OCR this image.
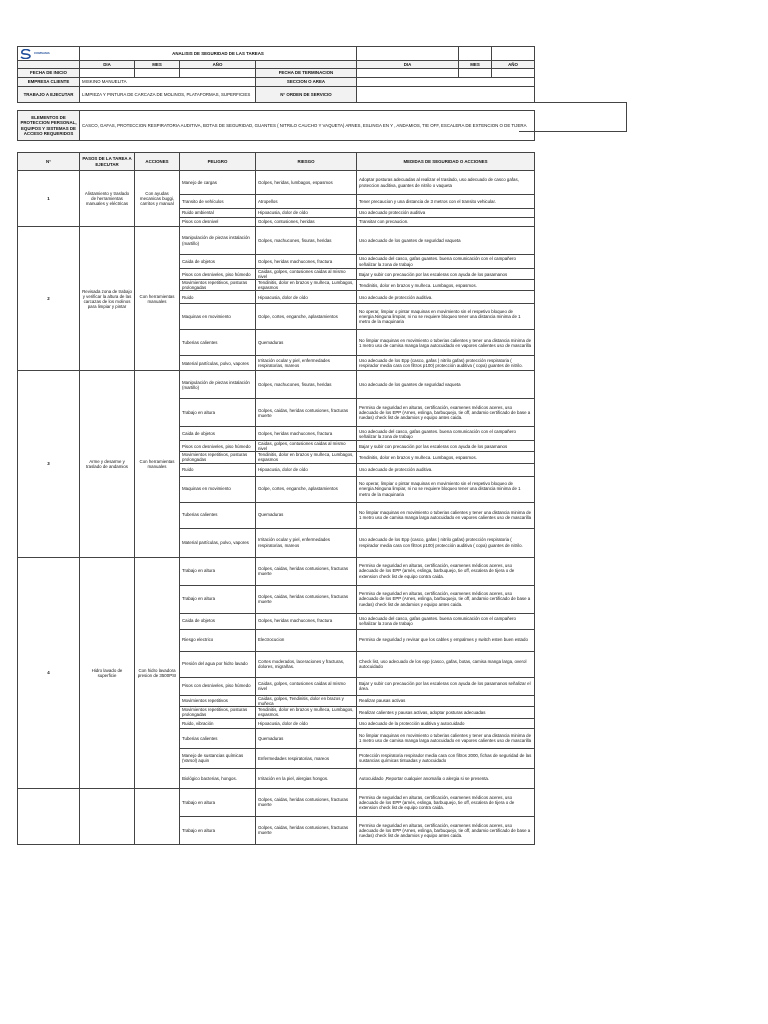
COMSAMA	ANALISIS DE SEGURIDAD DE LAS TAREAS						
	DIA	MES	AÑO		DIA	MES	AÑO
FECHA DE INICIO				FECHA DE TERMINACION			
EMPRESA CLIENTE	MISKINO MANUELITA			SECCION O AREA			
TRABAJO A EJECUTAR	LIMPIEZA Y PINTURA DE CARCAZA DE MOLINOS, PLATAFORMAS, SUPERFICIES			N° ORDEN DE SERVICIO			

ELEMENTOS DE PROTECCION PERSONAL, EQUIPOS Y SISTEMAS DE ACCESO REQUERIDOS	CASCO, GAFAS, PROTECCION RESPIRATORIA AUDITIVA, BOTAS DE SEGURIDAD, GUANTES ( NITRILO CAUCHO Y VAQUETA) ARNES, ESLINGA EN Y , ANDAMIOS, TIE OFF, ESCALERA DE EXTENCION O DE TIJERA						

N°	PASOS DE LA TAREA A EJECUTAR	ACCIONES	PELIGRO	RIESGO	MEDIDAS DE SEGURIDAD O ACCIONES		
1	Alistamiento y traslado de herramientas manuales y eléctricas	Con ayudas mecanicas buggi, carritos y manual	Manejo de cargas	Golpes, heridas, lumbagos, espasmos	Adoptar posturas adecuadas al realizar el traslado, uso adecuado de casco gafas, proteccion auditiva, guantes de nitrilo o vaqueta		
			Transito de vehículos	Atropellos	Tener precaucion y una distancia de 3 metros con el transito vehicular.		
			Ruido ambiental	Hipoacusia, dolor de oído	Uso adecuado protección auditiva		
			Pisos con desnivel	Golpes, contusiones, heridas	Transitar con precaucion.		
2	Revisada zona de trabajo y verificar la altura de las carcazas de los molinos para limpiar y pintar	Con herramientas manuales	Manipulación de piezas instalación (martillo)	Golpes, machucones, fisuras, heridas	Uso adecuado de los guantes de seguridad vaqueta		
			Caida de objetos	Golpes, heridas machucones, fractura	Uso adecuado del casco, gafas guantes. buena comunicación con el campañero señalizar la zona de trabajo		
			Pisos con desniveles, piso húmedo	Caidas, golpes, contusiones caidas al mismo nivel	Bajar y subir con precaución por las escaleras con ayuda de los pasamanos		
			Movimientos repetitivos, posturas prolongadas	Tendinitis, dolor en brazos y muñeca, Lumbagos, espasmos	Tendinitis, dolor en brazos y muñeca. Lumbagos, espasmos.		
			Ruido	Hipoacusia, dolor de oído	Uso adecuado de protección auditiva.		
			Maquinas en movimiento	Golpe, cortes, enganche, aplastamientos	No operar, limpiar o pintar maquinas en movimiento sin el respetivo bloqueo de energia.Ninguna limpiar, ni no se requiere bloqueo tener una distancia minima de 1 metro de la maquinaria		
			Tuberias calientes	Quemaduras	No limpiar maquinas en movimiento o tuberias calientes y tener una distancia minima de 1 metro uso de camisa manga larga autocuidado en vapores calientes uso de mascarilla		
			Material partículas, polvo, vapores	Irritación ocular y piel, enfermedades respiratorias, mareos	Uso adecuado de los Epp (casco, gafas ) nitrilo gafas) protección respiratoria ( respirador media cara con filtros p100) protección auditiva ( copa) guantes de nitrilo.		
3	Arme y desarme y traslado de andamios	Con herramientas manuales	Manipulación de piezas instalación (martillo)	Golpes, machucones, fisuras, heridas	Uso adecuado de los guantes de seguridad vaqueta		
			Trabajo en altura	Golpes, caidas, heridas contusiones, fracturas muerte	Permiso de seguridad en alturas, certificación, examenes médicos aceres, uso adecuado de los EPP (Arnes, eslinga, barbuquejo, tie off, andamio certificado de base a ruedas) check list de andamios y equipo antes caida.		
			Caida de objetos	Golpes, heridas machucones, fractura	Uso adecuado del casco, gafas guantes. buena comunicación con el campañero señalizar la zona de trabajo		
			Pisos con desniveles, piso húmedo	Caidas, golpes, contusiones caidas al mismo nivel	Bajar y subir con precaución por las escaleras con ayuda de los pasamanos		
			Movimientos repetitivos, posturas prolongadas	Tendinitis, dolor en brazos y muñeca, Lumbagos, espasmos	Tendinitis, dolor en brazos y muñeca. Lumbagos, espasmos.		
			Ruido	Hipoacusia, dolor de oído	Uso adecuado de protección auditiva.		
			Maquinas en movimiento	Golpe, cortes, enganche, aplastamientos	No operar, limpiar o pintar maquinas en movimiento sin el respetivo bloqueo de energia.Ninguna limpiar, ni no se requiere bloqueo tener una distancia minima de 1 metro de la maquinaria		
			Tuberias calientes	Quemaduras	No limpiar maquinas en movimiento o tuberias calientes y tener una distancia minima de 1 metro uso de camisa manga larga autocuidado en vapores calientes uso de mascarilla		
			Material partículas, polvo, vapores	Irritación ocular y piel, enfermedades respiratorias, mareos	Uso adecuado de los Epp (casco, gafas ) nitrilo gafas) protección respiratoria ( respirador media cara con filtros p100) protección auditiva ( copa) guantes de nitrilo.		
4	Hidro lavado de superficie	Con hidro lavadora presion de 3500PSI	Trabajo en altura	Golpes, caidas, heridas contusiones, fracturas muerte	Permiso de seguridad en alturas, certificación, examenes médicos aceres, uso adecuado de los EPP (arnés, eslinga, barbuquejo, tie off, escalera de tijera o de extension check list de equipo contra caida.		
			Trabajo en altura	Golpes, caidas, heridas contusiones, fracturas muerte	Permiso de seguridad en alturas, certificación, examenes médicos aceres, uso adecuado de los EPP (Arnes, eslinga, barbuquejo, tie off, andamio certificado de base a ruedas) check list de andamios y equipo antes caida.		
			Caida de objetos	Golpes, heridas machucones, fractura	Uso adecuado del casco, gafas guantes. buena comunicación con el campañero señalizar la zona de trabajo		
			Riesgo electrico	Electrocucion	Permiso de seguridad y revisar que los cables y empalmes y switch esten buen estado		
			Presión del agua por hidro lavado	Cortes moderados, laceraciones y fracturas, dolores, migrañas.	Check list, uso adecuado de los epp (casco, gafas, botas, camisa manga larga, overol autocuidado		
			Pisos con desniveles, piso húmedo	Caidas, golpes, contusiones caidas al mismo nivel	Bajar y subir con precaución por las escaleras con ayuda de los pasamanos señalizar el área.		
			Movimientos repetitivos	Caidas, golpes, Tendinitis, dolor en brazos y muñeca	Realizar pausas activas		
			Movimientos repetitivos, posturas prolongadas	Tendinitis, dolor en brazos y muñeca, Lumbagos, espasmos.	Realizar calientes y pausas activas, adoptar posturas adecuadas		
			Ruido, vibración	Hipoacusia, dolor de oído	Uso adecuado de la protección auditiva y autocuidado		
			Tuberias calientes	Quemaduras	No limpiar maquinas en movimiento o tuberias calientes y tener una distancia minima de 1 metro uso de camisa manga larga autocuidado en vapores calientes uso de mascarilla		
			Manejo de sustancias químicas (Varsol) aquin	Enfermedades respiratorias, mareos	Protección respiratoria respirador media cara con filtros 2000, fichas de seguridad de las sustancias químicas tintuadas y autocuidado		
			Biológico bacterias, hongos.	Irritación en la piel, alergias hongos.	Autocuidado ,Reportar cualquier anomalía o alergia si se presenta.		
			Trabajo en altura	Golpes, caidas, heridas contusiones, fracturas muerte	Permiso de seguridad en alturas, certificación, examenes médicos aceres, uso adecuado de los EPP (arnés, eslinga, barbuquejo, tie off, escalera de tijera o de extension check list de equipo contra caida.		
			Trabajo en altura	Golpes, caidas, heridas contusiones, fracturas muerte	Permiso de seguridad en alturas, certificación, examenes médicos aceres, uso adecuado de los EPP (Arnes, eslinga, barbuquejo, tie off, andamio certificado de base a ruedas) check list de andamios y equipo antes caida.		
